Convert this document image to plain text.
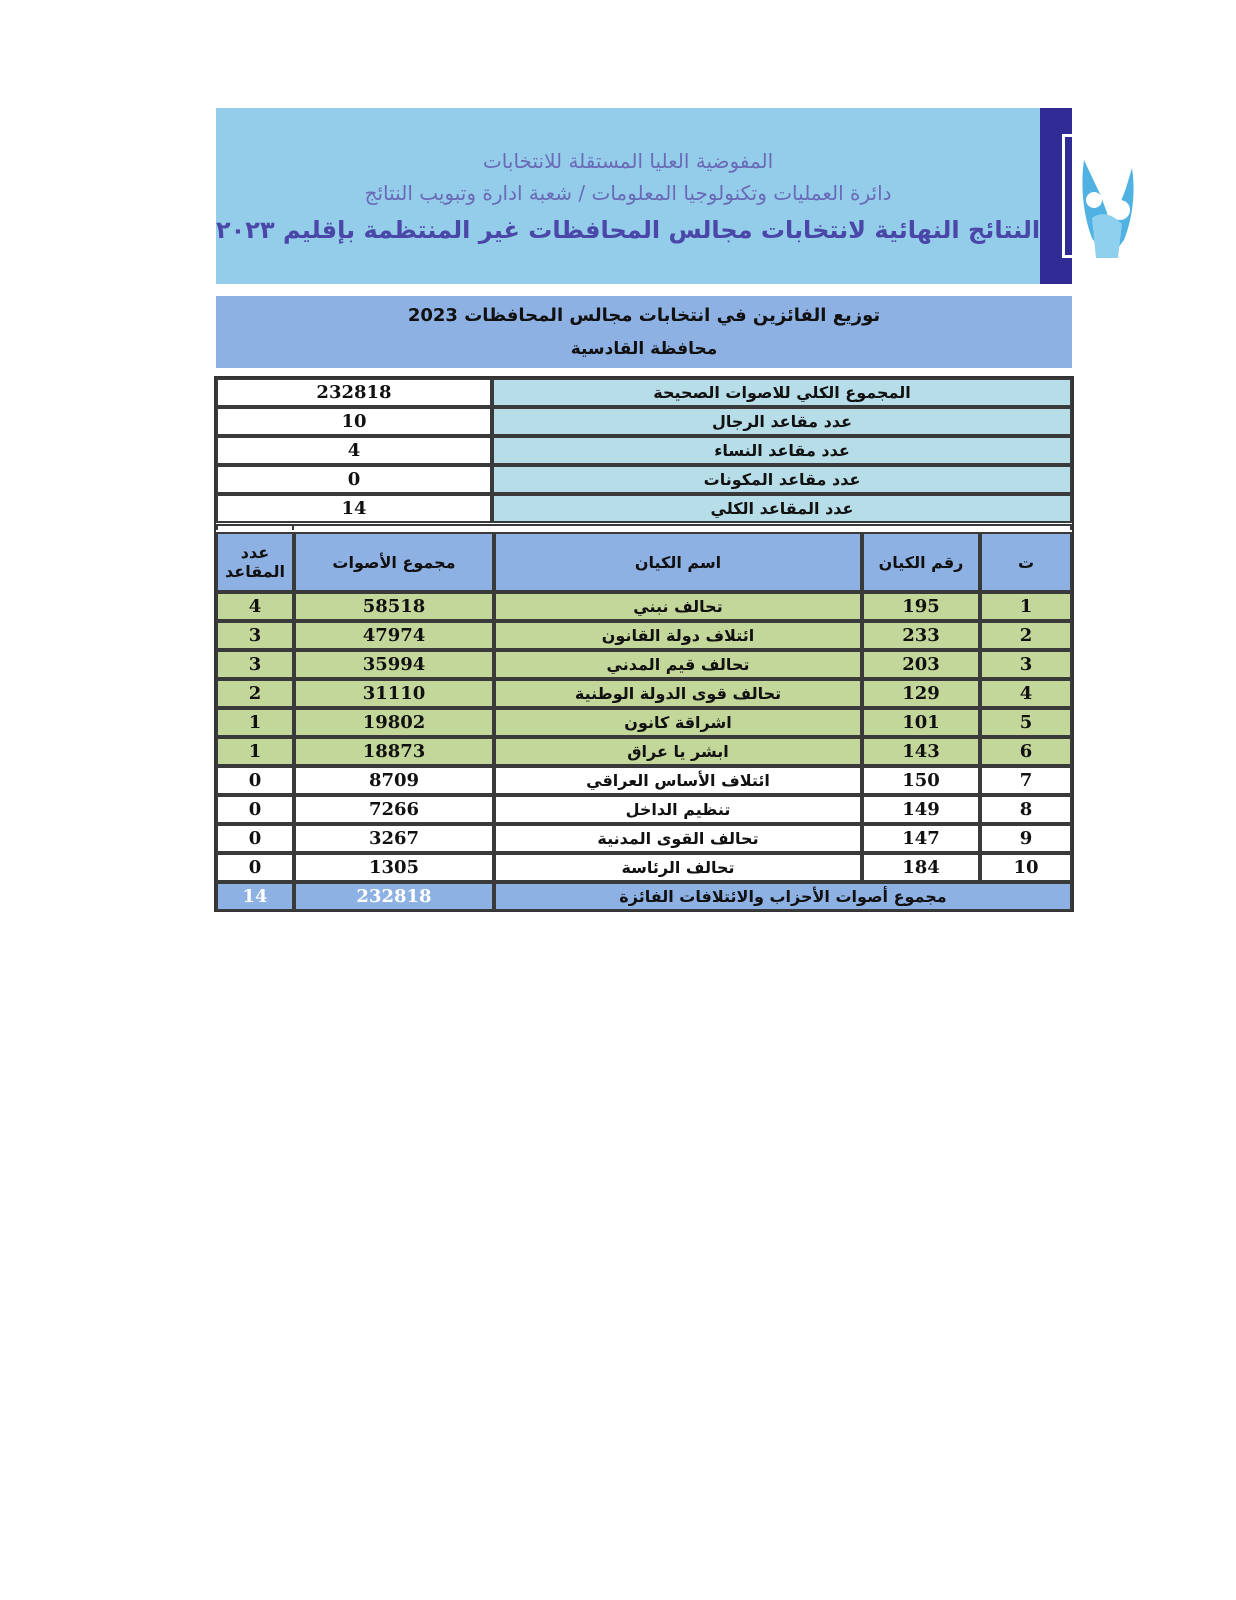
المفوضية العليا المستقلة للانتخابات
دائرة العمليات وتكنولوجيا المعلومات / شعبة ادارة وتبويب النتائج
النتائج النهائية لانتخابات مجالس المحافظات غير المنتظمة بإقليم ٢٠٢٣
توزيع الفائزين في انتخابات مجالس المحافظات 2023
محافظة القادسية
المجموع الكلي للاصوات الصحيحة	232818
عدد مقاعد الرجال	10
عدد مقاعد النساء	4
عدد مقاعد المكونات	0
عدد المقاعد الكلي	14
ت	رقم الكيان	اسم الكيان	مجموع الأصوات	عدد
المقاعد

1	195	تحالف نبني	58518	4
2	233	ائتلاف دولة القانون	47974	3
3	203	تحالف قيم المدني	35994	3
4	129	تحالف قوى الدولة الوطنية	31110	2
5	101	اشراقة كانون	19802	1
6	143	ابشر يا عراق	18873	1
7	150	ائتلاف الأساس العراقي	8709	0
8	149	تنظيم الداخل	7266	0
9	147	تحالف القوى المدنية	3267	0
10	184	تحالف الرئاسة	1305	0
مجموع أصوات الأحزاب والائتلافات الفائزة			232818	14
